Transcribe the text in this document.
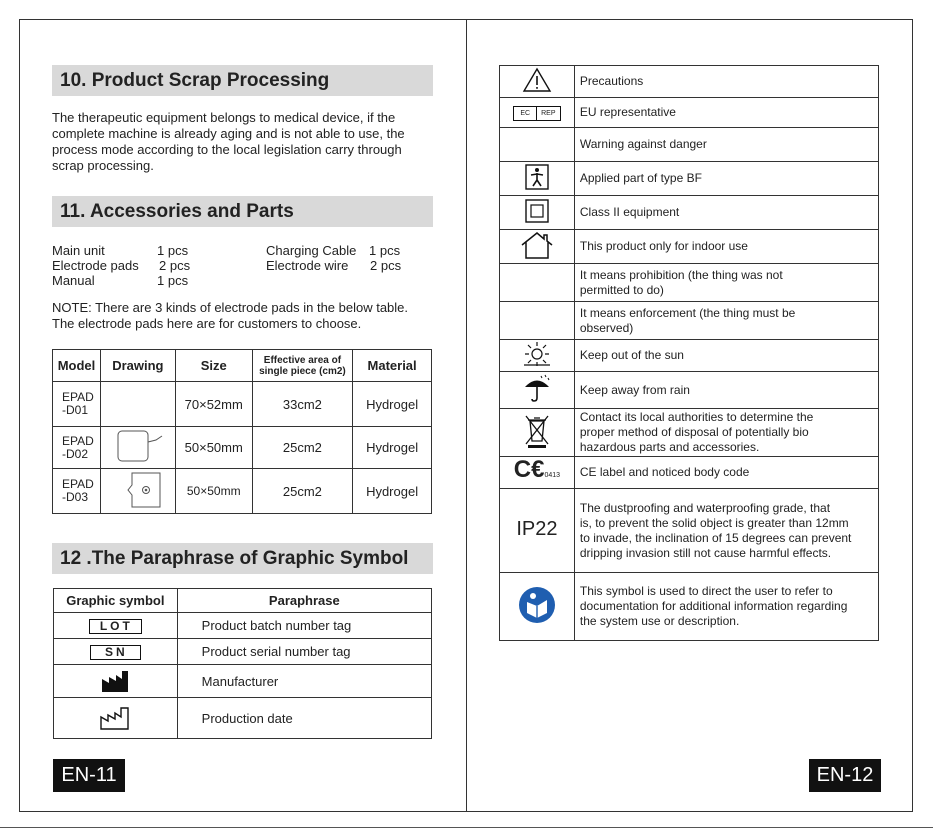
10. Product Scrap Processing
The therapeutic equipment belongs to medical device, if the
complete machine is already aging and is not able to use, the
process mode according to the local legislation carry through
scrap processing.
11. Accessories and Parts
Main unit	1 pcs
Electrode pads	2 pcs
Manual	1 pcs
Charging Cable 1 pcs
Electrode wire	2 pcs
NOTE: There are 3 kinds of electrode pads in the below table.
The electrode pads here are for customers to choose.
Model	Drawing	Size	Effective area of
single piece (cm2)	Material

EPAD
-D01		70×52mm	33cm2	Hydrogel

EPAD
-D02		50×50mm	25cm2	Hydrogel

EPAD
-D03		50×50mm	25cm2	Hydrogel
12 .The Paraphrase of Graphic Symbol
Graphic symbol	Paraphrase
LOT	Product batch number tag
SN	Product serial number tag
	Manufacturer
	Production date
EN-11

Precautions

EC REP	EU representative

	Warning against danger

Applied part of type BF

Class II equipment

This product only for indoor use

	It means prohibition (the thing was not
permitted to do)

	It means enforcement (the thing must be
observed)

Keep out of the sun

Keep away from rain

Contact its local authorities to determine the
proper method of disposal of potentially bio
hazardous parts and accessories.

C€0413	CE label and noticed body code

IP22	The dustproofing and waterproofing grade, that
is, to prevent the solid object is greater than 12mm
to invade, the inclination of 15 degrees can prevent
dripping invasion still not cause harmful effects.

This symbol is used to direct the user to refer to
documentation for additional information regarding
the system use or description.
EN-12
